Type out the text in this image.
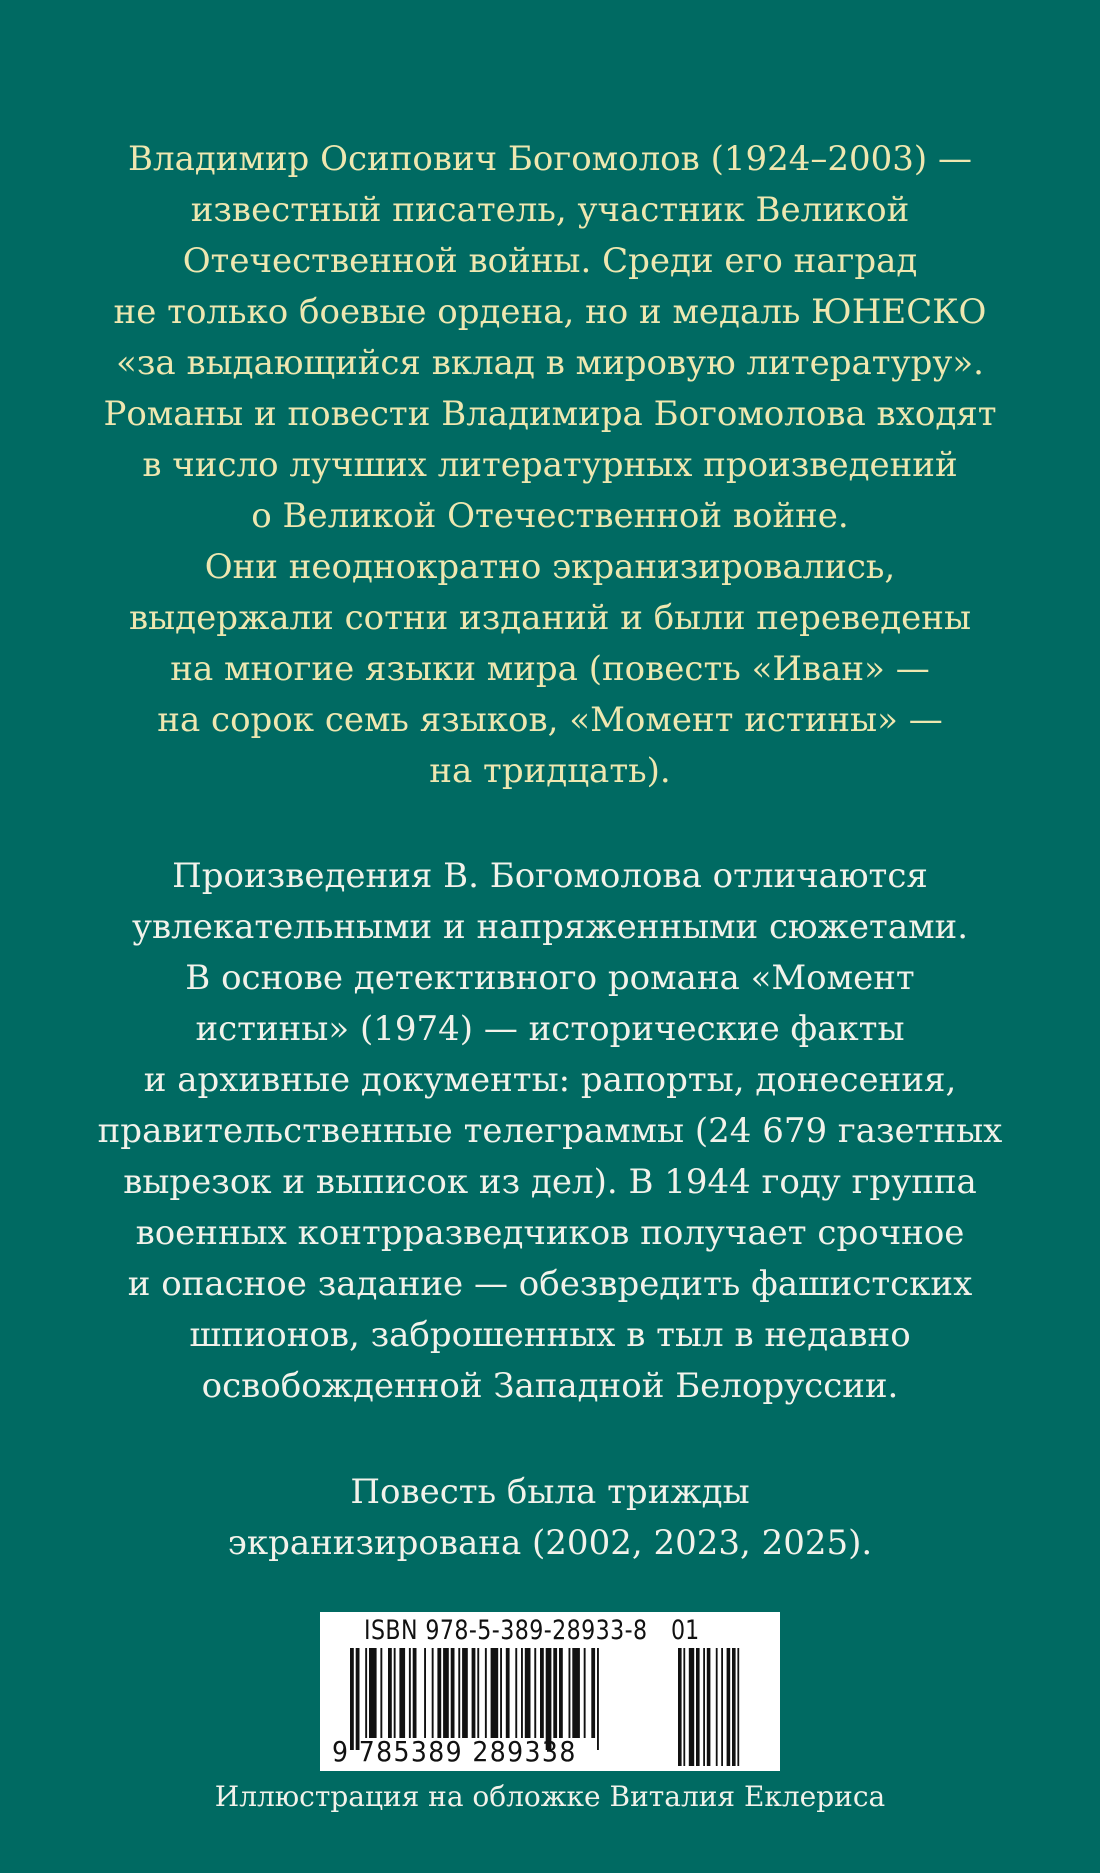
Владимир Осипович Богомолов (1924–2003) —
известный писатель, участник Великой
Отечественной войны. Среди его наград
не только боевые ордена, но и медаль ЮНЕСКО
«за выдающийся вклад в мировую литературу».
Романы и повести Владимира Богомолова входят
в число лучших литературных произведений
о Великой Отечественной войне.
Они неоднократно экранизировались,
выдержали сотни изданий и были переведены
на многие языки мира (повесть «Иван» —
на сорок семь языков, «Момент истины» —
на тридцать).

Произведения В. Богомолова отличаются
увлекательными и напряженными сюжетами.
В основе детективного романа «Момент
истины» (1974) — исторические факты
и архивные документы: рапорты, донесения,
правительственные телеграммы (24 679 газетных
вырезок и выписок из дел). В 1944 году группа
военных контрразведчиков получает срочное
и опасное задание — обезвредить фашистских
шпионов, заброшенных в тыл в недавно
освобожденной Западной Белоруссии.

Повесть была трижды
экранизирована (2002, 2023, 2025).

ISBN 978-5-389-28933-8 01
9 785389 289338

Иллюстрация на обложке Виталия Еклериса
